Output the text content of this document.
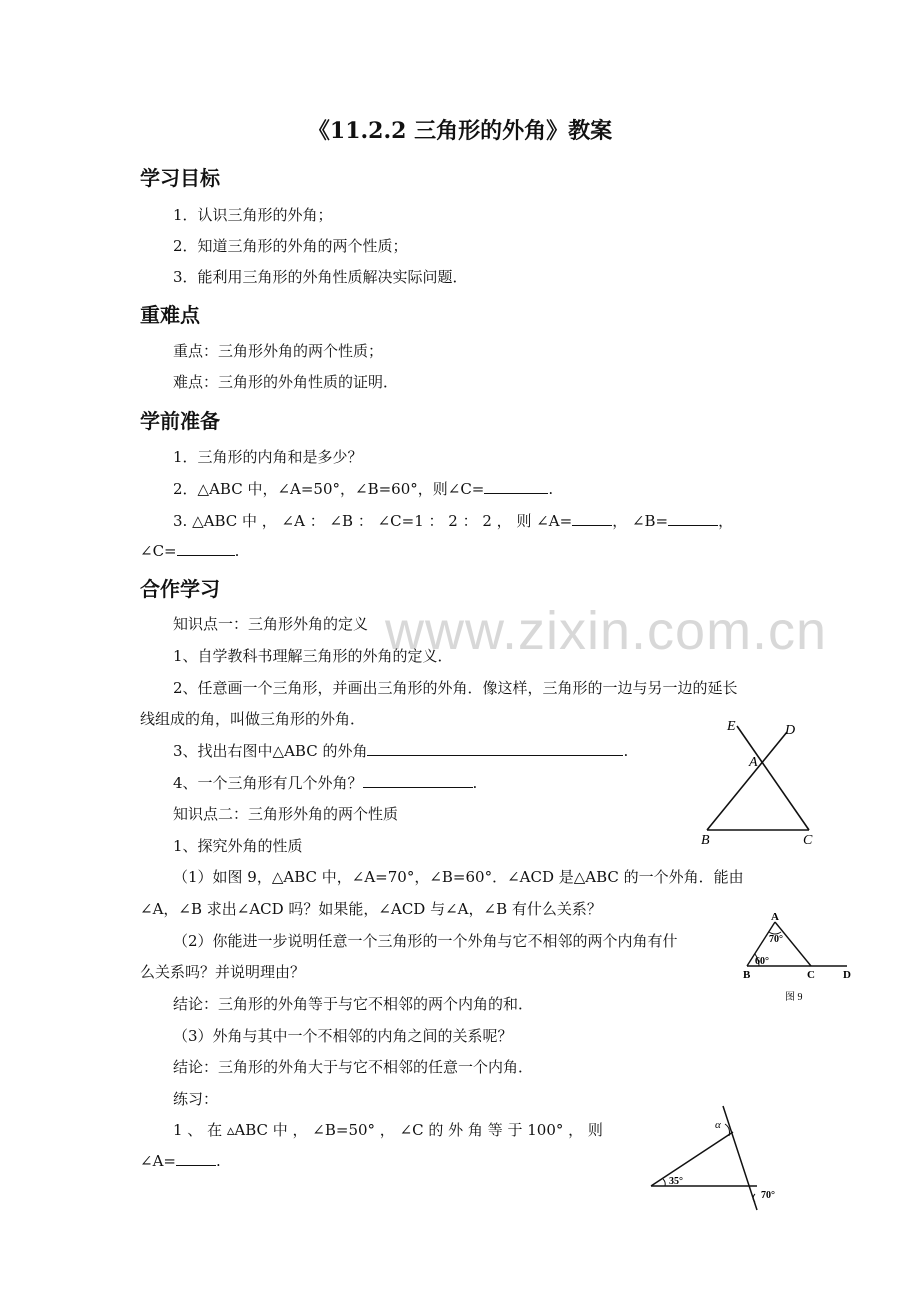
www.zixin.com.cn
《11.2.2 三角形的外角》教案
学习目标
1．认识三角形的外角；
2．知道三角形的外角的两个性质；
3．能利用三角形的外角性质解决实际问题．
重难点
重点：三角形外角的两个性质；
难点：三角形的外角性质的证明．
学前准备
1．三角形的内角和是多少？
2．△ABC 中，∠A=50°，∠B=60°，则∠C=	.
3. △ABC 中 ， ∠A ： ∠B ： ∠C=1 ： 2 ： 2 ， 则 ∠A=	， ∠B=	，
∠C=	.
合作学习
知识点一：三角形外角的定义
1、自学教科书理解三角形的外角的定义．
2、任意画一个三角形，并画出三角形的外角．像这样，三角形的一边与另一边的延长
线组成的角，叫做三角形的外角．
3、找出右图中△ABC 的外角	.
4、一个三角形有几个外角？	.
知识点二：三角形外角的两个性质
1、探究外角的性质
（1）如图 9，△ABC 中，∠A=70°，∠B=60°．∠ACD 是△ABC 的一个外角．能由
∠A，∠B 求出∠ACD 吗？如果能，∠ACD 与∠A，∠B 有什么关系？
（2）你能进一步说明任意一个三角形的一个外角与它不相邻的两个内角有什
么关系吗？并说明理由？
结论：三角形的外角等于与它不相邻的两个内角的和．
（3）外角与其中一个不相邻的内角之间的关系呢？
结论：三角形的外角大于与它不相邻的任意一个内角．
练习：
1 、 在 ▵ABC 中 ， ∠B=50° ， ∠C 的 外 角 等 于 100° ， 则
∠A=	.
E	D
A
B	C
A
B	C	D
70°
60°
图 9
α
35°
70°
